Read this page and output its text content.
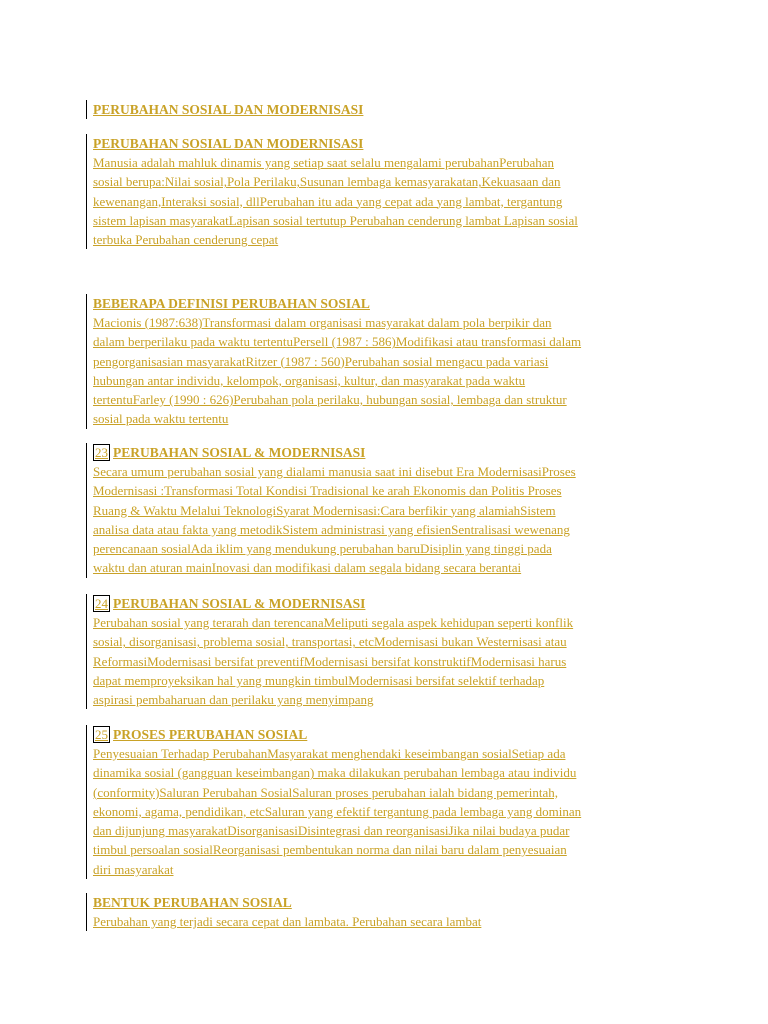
PERUBAHAN SOSIAL DAN MODERNISASI
PERUBAHAN SOSIAL DAN MODERNISASI
Manusia adalah mahluk dinamis yang setiap saat selalu mengalami perubahanPerubahan
sosial berupa:Nilai sosial,Pola Perilaku,Susunan lembaga kemasyarakatan,Kekuasaan dan
kewenangan,Interaksi sosial, dllPerubahan itu ada yang cepat ada yang lambat, tergantung
sistem lapisan masyarakatLapisan sosial tertutup Perubahan cenderung lambat Lapisan sosial
terbuka Perubahan cenderung cepat
BEBERAPA DEFINISI PERUBAHAN SOSIAL
Macionis (1987:638)Transformasi dalam organisasi masyarakat dalam pola berpikir dan
dalam berperilaku pada waktu tertentuPersell (1987 : 586)Modifikasi atau transformasi dalam
pengorganisasian masyarakatRitzer (1987 : 560)Perubahan sosial mengacu pada variasi
hubungan antar individu, kelompok, organisasi, kultur, dan masyarakat pada waktu
tertentuFarley (1990 : 626)Perubahan pola perilaku, hubungan sosial, lembaga dan struktur
sosial pada waktu tertentu
23 PERUBAHAN SOSIAL & MODERNISASI
Secara umum perubahan sosial yang dialami manusia saat ini disebut Era ModernisasiProses
Modernisasi :Transformasi Total Kondisi Tradisional ke arah Ekonomis dan Politis Proses
Ruang & Waktu Melalui TeknologiSyarat Modernisasi:Cara berfikir yang alamiahSistem
analisa data atau fakta yang metodikSistem administrasi yang efisienSentralisasi wewenang
perencanaan sosialAda iklim yang mendukung perubahan baruDisiplin yang tinggi pada
waktu dan aturan mainInovasi dan modifikasi dalam segala bidang secara berantai
24 PERUBAHAN SOSIAL & MODERNISASI
Perubahan sosial yang terarah dan terencanaMeliputi segala aspek kehidupan seperti konflik
sosial, disorganisasi, problema sosial, transportasi, etcModernisasi bukan Westernisasi atau
ReformasiModernisasi bersifat preventifModernisasi bersifat konstruktifModernisasi harus
dapat memproyeksikan hal yang mungkin timbulModernisasi bersifat selektif terhadap
aspirasi pembaharuan dan perilaku yang menyimpang
25 PROSES PERUBAHAN SOSIAL
Penyesuaian Terhadap PerubahanMasyarakat menghendaki keseimbangan sosialSetiap ada
dinamika sosial (gangguan keseimbangan) maka dilakukan perubahan lembaga atau individu
(conformity)Saluran Perubahan SosialSaluran proses perubahan ialah bidang pemerintah,
ekonomi, agama, pendidikan, etcSaluran yang efektif tergantung pada lembaga yang dominan
dan dijunjung masyarakatDisorganisasiDisintegrasi dan reorganisasiJika nilai budaya pudar
timbul persoalan sosialReorganisasi pembentukan norma dan nilai baru dalam penyesuaian
diri masyarakat
BENTUK PERUBAHAN SOSIAL
Perubahan yang terjadi secara cepat dan lambata. Perubahan secara lambat
